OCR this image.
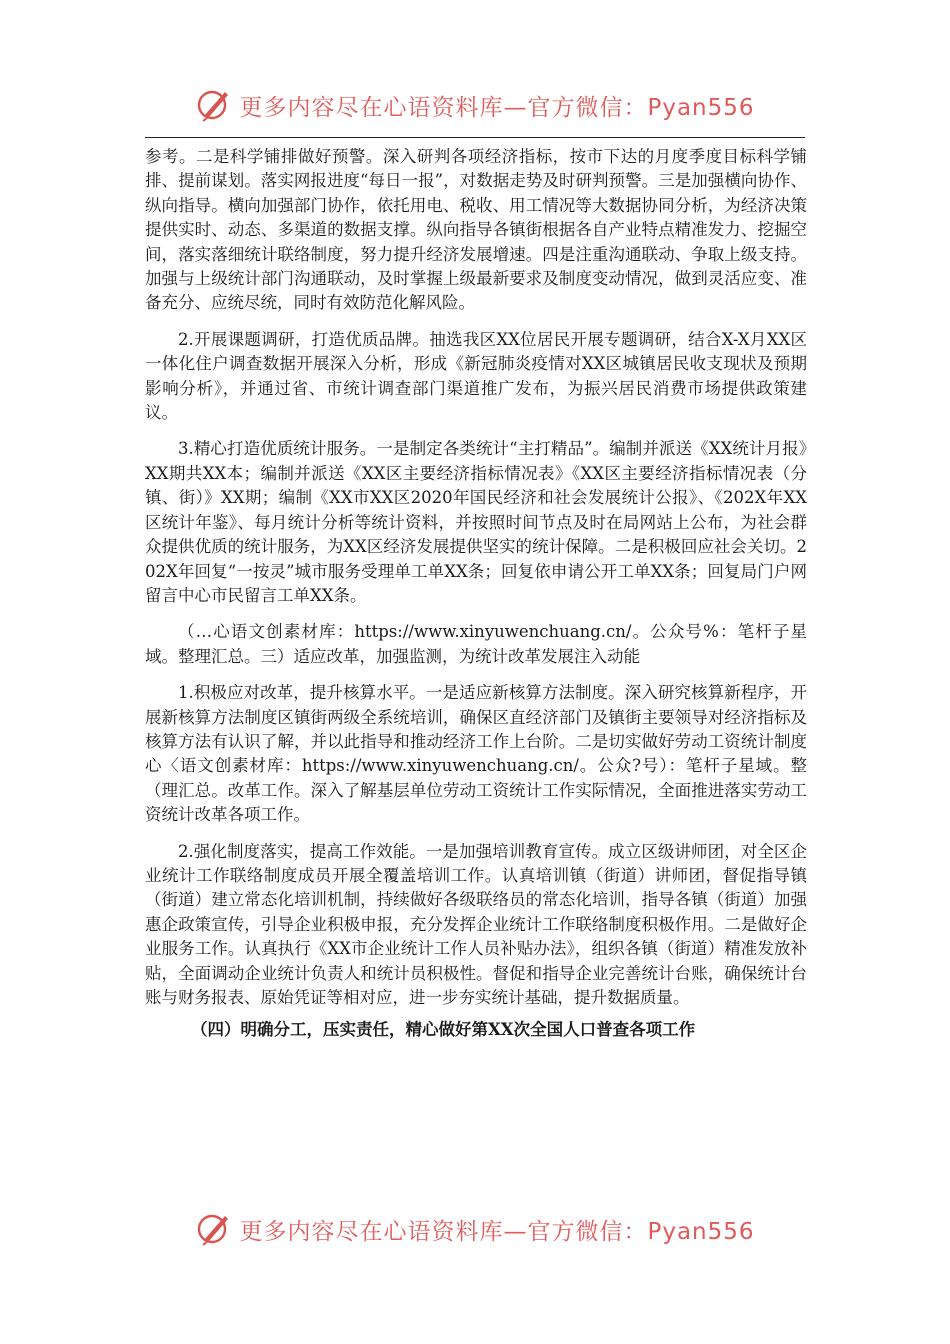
更多内容尽在心语资料库—官方微信：Pyan556

参考。二是科学铺排做好预警。深入研判各项经济指标，按市下达的月度季度目标科学铺排、提前谋划。落实网报进度“每日一报”，对数据走势及时研判预警。三是加强横向协作、纵向指导。横向加强部门协作，依托用电、税收、用工情况等大数据协同分析，为经济决策提供实时、动态、多渠道的数据支撑。纵向指导各镇街根据各自产业特点精准发力、挖掘空间，落实落细统计联络制度，努力提升经济发展增速。四是注重沟通联动、争取上级支持。加强与上级统计部门沟通联动，及时掌握上级最新要求及制度变动情况，做到灵活应变、准备充分、应统尽统，同时有效防范化解风险。

2.开展课题调研，打造优质品牌。抽选我区XX位居民开展专题调研，结合X-X月XX区一体化住户调查数据开展深入分析，形成《新冠肺炎疫情对XX区城镇居民收支现状及预期影响分析》，并通过省、市统计调查部门渠道推广发布，为振兴居民消费市场提供政策建议。

3.精心打造优质统计服务。一是制定各类统计“主打精品”。编制并派送《XX统计月报》XX期共XX本；编制并派送《XX区主要经济指标情况表》《XX区主要经济指标情况表（分镇、街）》XX期；编制《XX市XX区2020年国民经济和社会发展统计公报》、《202X年XX区统计年鉴》、每月统计分析等统计资料，并按照时间节点及时在局网站上公布，为社会群众提供优质的统计服务，为XX区经济发展提供坚实的统计保障。二是积极回应社会关切。202X年回复“一按灵”城市服务受理单工单XX条；回复依申请公开工单XX条；回复局门户网留言中心市民留言工单XX条。

（…心语文创素材库：https://www.xinyuwenchuang.cn/。公众号%：笔杆子星域。整理汇总。三）适应改革，加强监测，为统计改革发展注入动能

1.积极应对改革，提升核算水平。一是适应新核算方法制度。深入研究核算新程序，开展新核算方法制度区镇街两级全系统培训，确保区直经济部门及镇街主要领导对经济指标及核算方法有认识了解，并以此指导和推动经济工作上台阶。二是切实做好劳动工资统计制度心〈语文创素材库：https://www.xinyuwenchuang.cn/。公众?号）：笔杆子星域。整（理汇总。改革工作。深入了解基层单位劳动工资统计工作实际情况，全面推进落实劳动工资统计改革各项工作。

2.强化制度落实，提高工作效能。一是加强培训教育宣传。成立区级讲师团，对全区企业统计工作联络制度成员开展全覆盖培训工作。认真培训镇（街道）讲师团，督促指导镇（街道）建立常态化培训机制，持续做好各级联络员的常态化培训，指导各镇（街道）加强惠企政策宣传，引导企业积极申报，充分发挥企业统计工作联络制度积极作用。二是做好企业服务工作。认真执行《XX市企业统计工作人员补贴办法》，组织各镇（街道）精准发放补贴，全面调动企业统计负责人和统计员积极性。督促和指导企业完善统计台账，确保统计台账与财务报表、原始凭证等相对应，进一步夯实统计基础，提升数据质量。

（四）明确分工，压实责任，精心做好第XX次全国人口普查各项工作

更多内容尽在心语资料库—官方微信：Pyan556
